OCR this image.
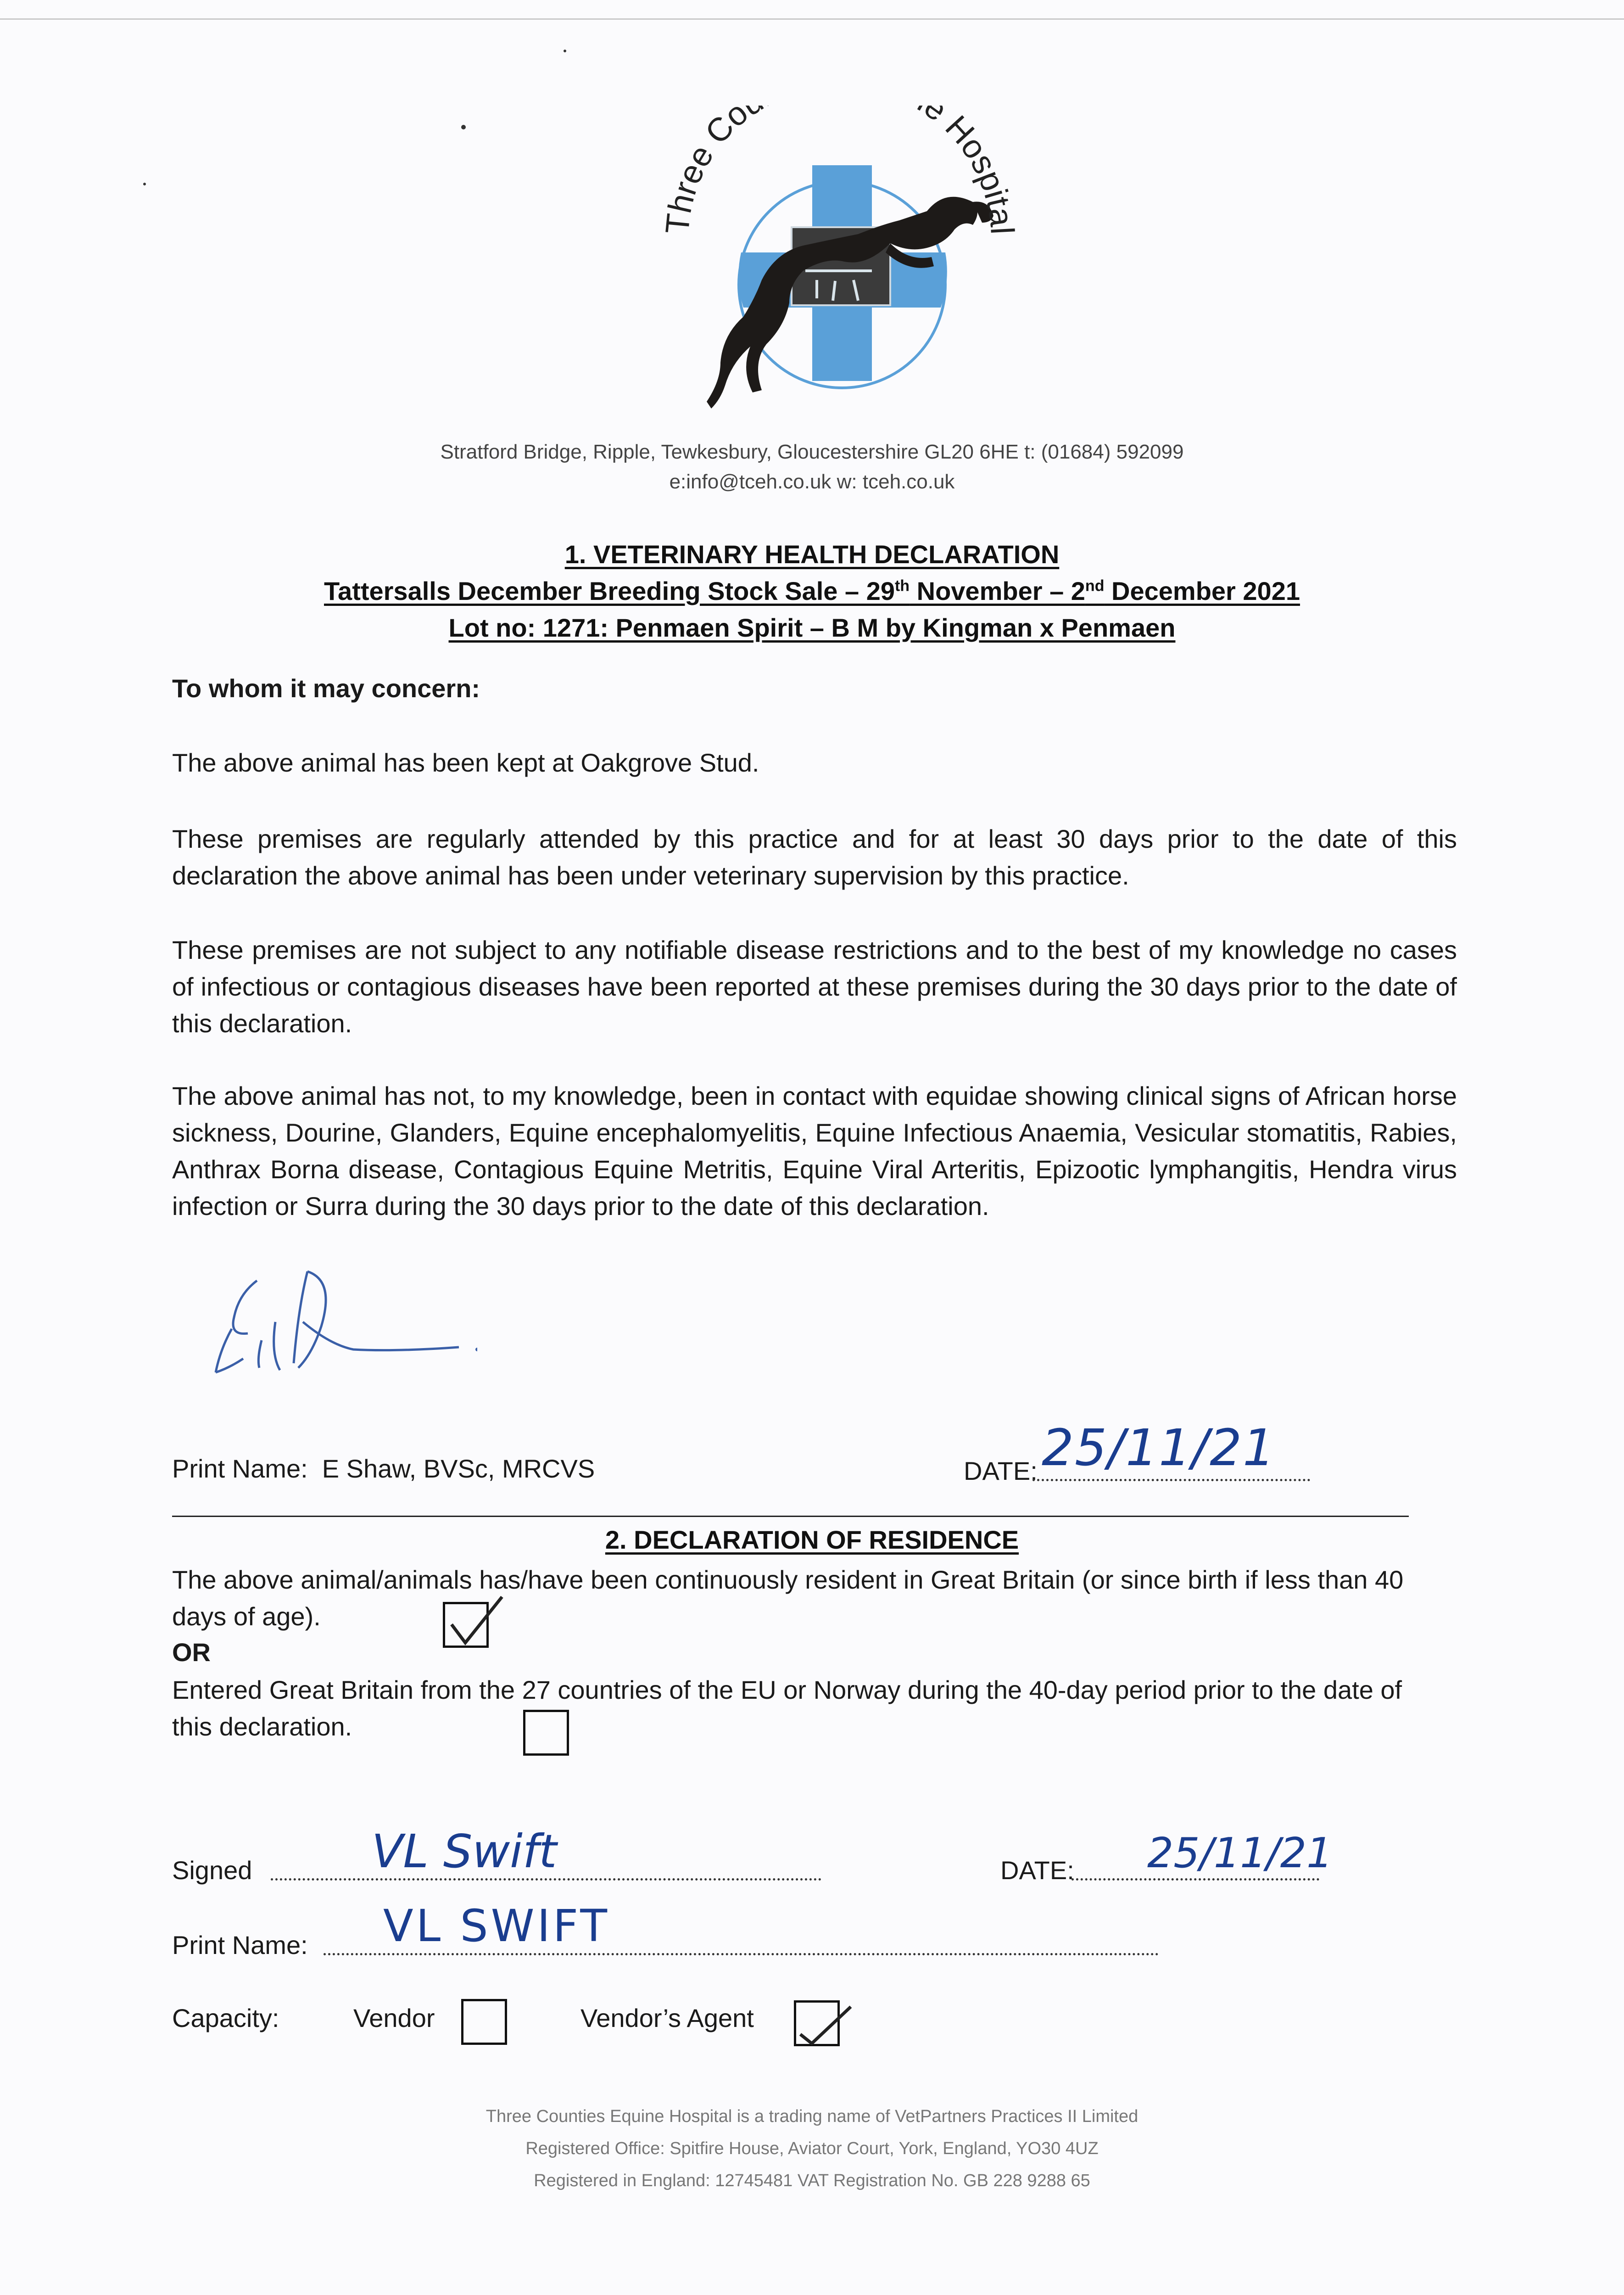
Three Co e Hospital
Stratford Bridge, Ripple, Tewkesbury, Gloucestershire GL20 6HE t: (01684) 592099
e:info@tceh.co.uk w: tceh.co.uk
1. VETERINARY HEALTH DECLARATION
Tattersalls December Breeding Stock Sale – 29th November – 2nd December 2021
Lot no: 1271: Penmaen Spirit – B M by Kingman x Penmaen
To whom it may concern:
The above animal has been kept at Oakgrove Stud.
These premises are regularly attended by this practice and for at least 30 days prior to the date of this declaration the above animal has been under veterinary supervision by this practice.
These premises are not subject to any notifiable disease restrictions and to the best of my knowledge no cases of infectious or contagious diseases have been reported at these premises during the 30 days prior to the date of this declaration.
The above animal has not, to my knowledge, been in contact with equidae showing clinical signs of African horse sickness, Dourine, Glanders, Equine encephalomyelitis, Equine Infectious Anaemia, Vesicular stomatitis, Rabies, Anthrax Borna disease, Contagious Equine Metritis, Equine Viral Arteritis, Epizootic lymphangitis, Hendra virus infection or Surra during the 30 days prior to the date of this declaration.
Print Name: E Shaw, BVSc, MRCVS	DATE: 25/11/21
2. DECLARATION OF RESIDENCE
The above animal/animals has/have been continuously resident in Great Britain (or since birth if less than 40 days of age).
OR
Entered Great Britain from the 27 countries of the EU or Norway during the 40-day period prior to the date of this declaration.
Signed	VL Swift	DATE:	25/11/21
Print Name: VL SWIFT
Capacity:	Vendor	Vendor’s Agent
Three Counties Equine Hospital is a trading name of VetPartners Practices II Limited
Registered Office: Spitfire House, Aviator Court, York, England, YO30 4UZ
Registered in England: 12745481 VAT Registration No. GB 228 9288 65
